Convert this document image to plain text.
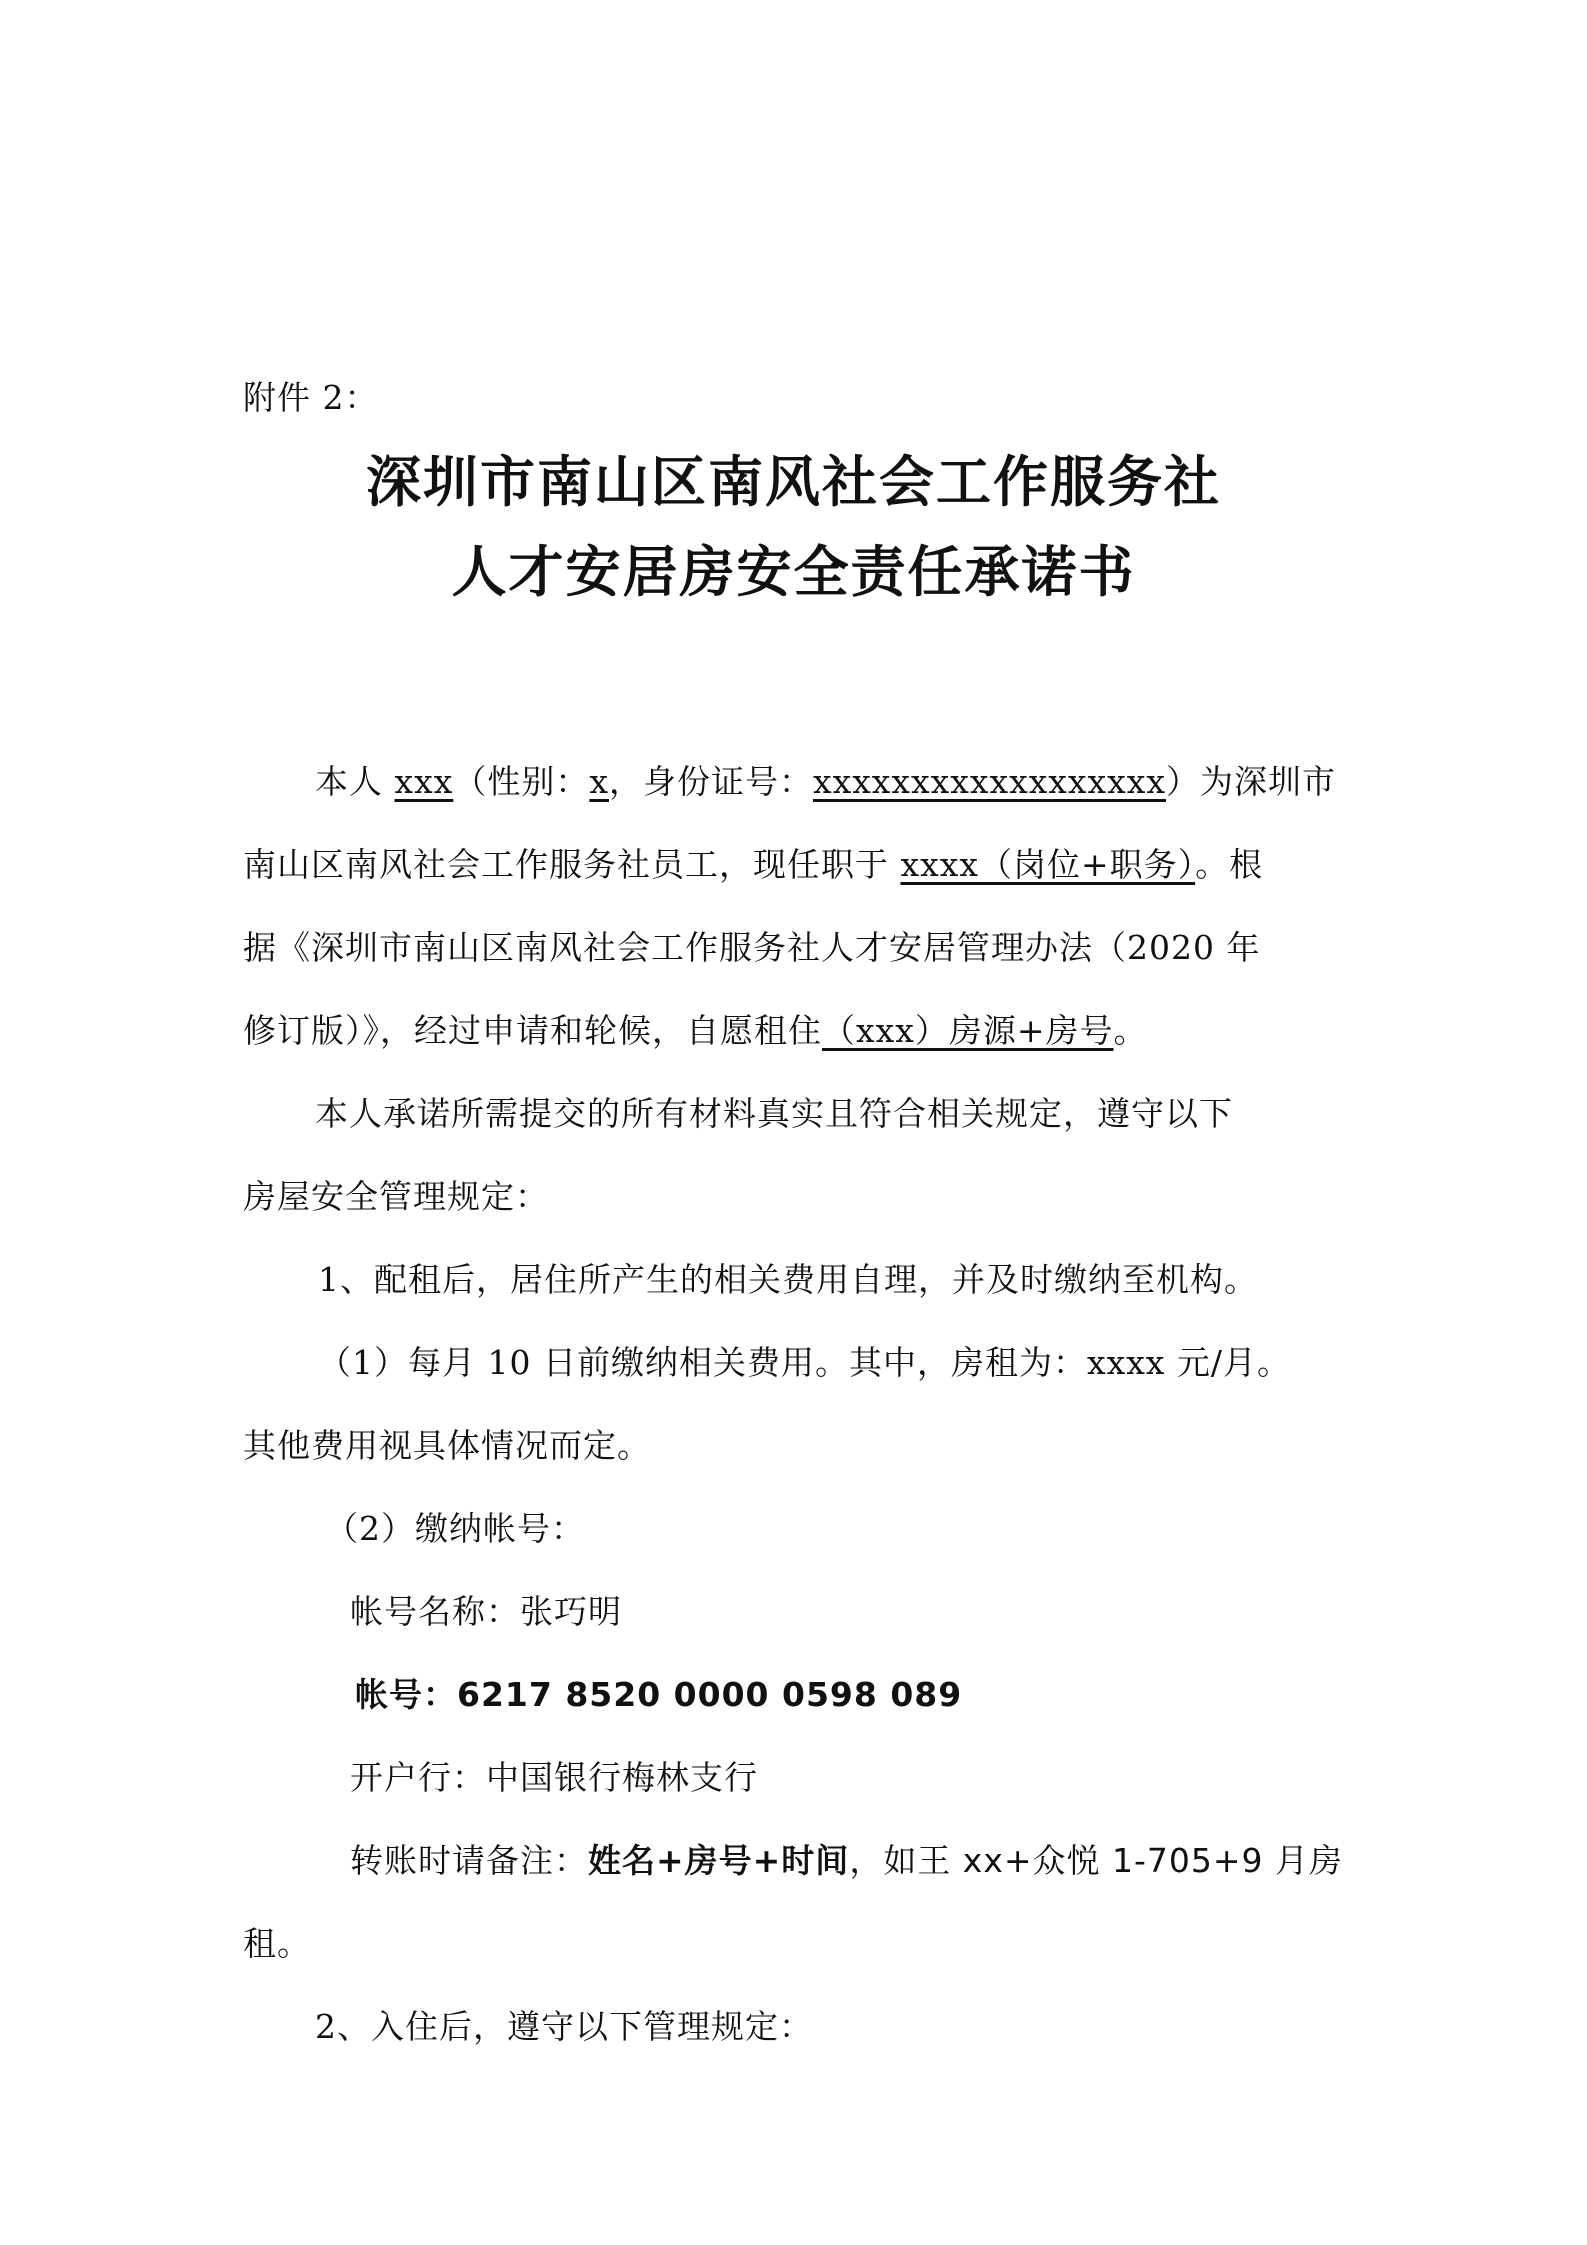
附件 2：
深圳市南山区南风社会工作服务社
人才安居房安全责任承诺书
本人 xxx（性别：x，身份证号：xxxxxxxxxxxxxxxxxx）为深圳市
南山区南风社会工作服务社员工，现任职于 xxxx（岗位+职务）。根
据《深圳市南山区南风社会工作服务社人才安居管理办法（2020 年
修订版）》，经过申请和轮候，自愿租住（xxx）房源+房号。
本人承诺所需提交的所有材料真实且符合相关规定，遵守以下
房屋安全管理规定：
1、配租后，居住所产生的相关费用自理，并及时缴纳至机构。
（1）每月 10 日前缴纳相关费用。其中，房租为：xxxx 元/月。
其他费用视具体情况而定。
（2）缴纳帐号：
帐号名称：张巧明
帐号：6217 8520 0000 0598 089
开户行：中国银行梅林支行
转账时请备注：姓名+房号+时间，如王 xx+众悦 1-705+9 月房
租。
2、入住后，遵守以下管理规定：
